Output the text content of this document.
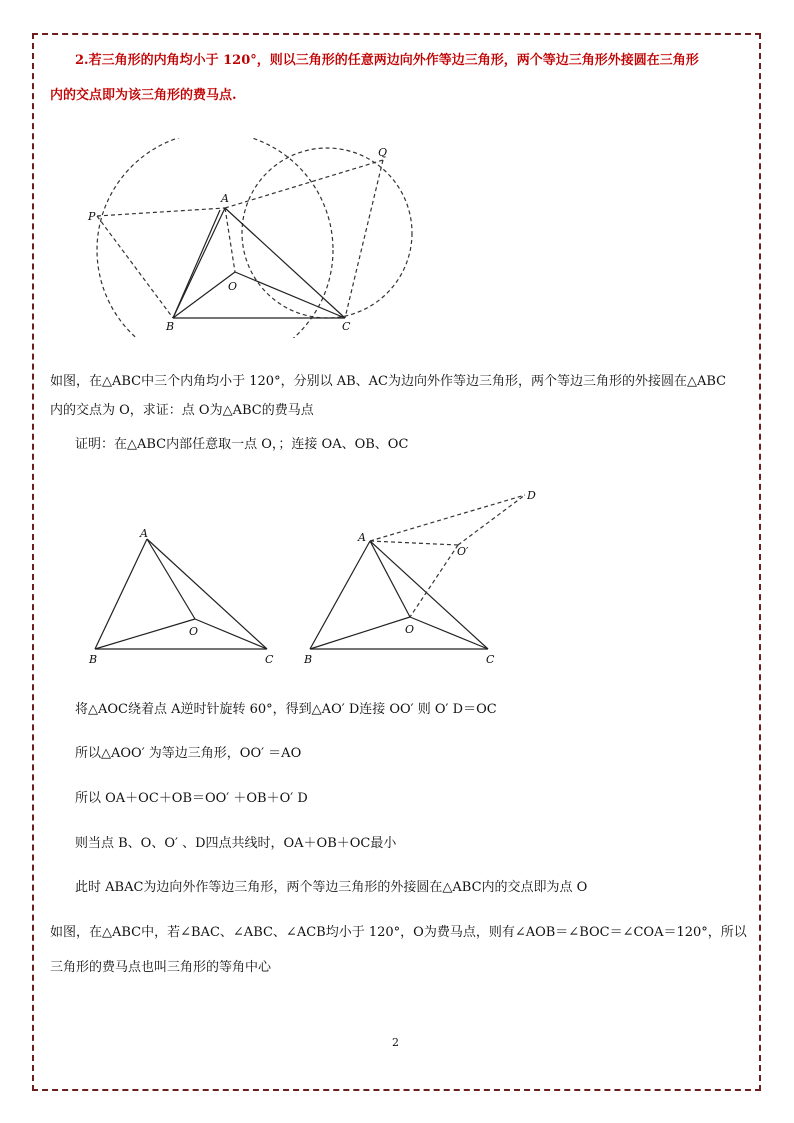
2.若三角形的内角均小于 120°，则以三角形的任意两边向外作等边三角形，两个等边三角形外接圆在三角形
内的交点即为该三角形的费马点.
A
B	C
O
P
Q
如图，在△ABC中三个内角均小于 120°，分别以 AB、AC为边向外作等边三角形，两个等边三角形的外接圆在△ABC
内的交点为 O，求证：点 O为△ABC的费马点
证明：在△ABC内部任意取一点 O，；连接 OA、OB、OC
A
B	C
O
A
B	C
O
O′
D
将△AOC绕着点 A逆时针旋转 60°，得到△AO′ D连接 OO′ 则 O′ D＝OC
所以△AOO′ 为等边三角形，OO′ ＝AO
所以 OA＋OC＋OB＝OO′ ＋OB＋O′ D
则当点 B、O、O′ 、D四点共线时，OA＋OB＋OC最小
此时 ABAC为边向外作等边三角形，两个等边三角形的外接圆在△ABC内的交点即为点 O
如图，在△ABC中，若∠BAC、∠ABC、∠ACB均小于 120°，O为费马点，则有∠AOB＝∠BOC＝∠COA＝120°，所以
三角形的费马点也叫三角形的等角中心
2
